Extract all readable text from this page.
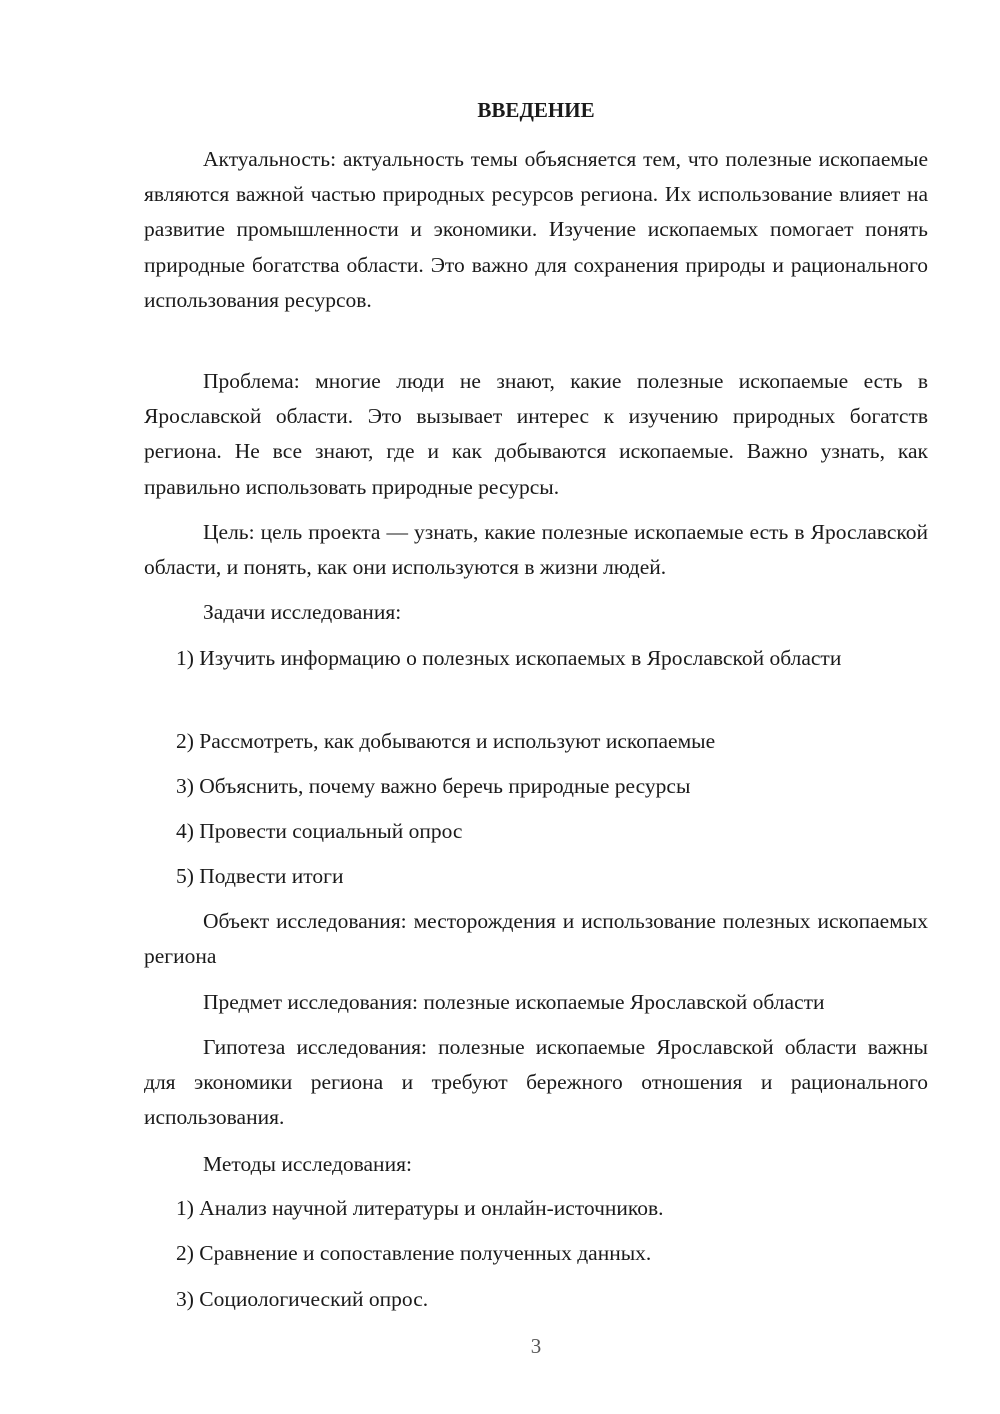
ВВЕДЕНИЕ

Актуальность: актуальность темы объясняется тем, что полезные ископаемые являются важной частью природных ресурсов региона. Их использование влияет на развитие промышленности и экономики. Изучение ископаемых помогает понять природные богатства области. Это важно для сохранения природы и рационального использования ресурсов.

Проблема: многие люди не знают, какие полезные ископаемые есть в Ярославской области. Это вызывает интерес к изучению природных богатств региона. Не все знают, где и как добываются ископаемые. Важно узнать, как правильно использовать природные ресурсы.

Цель: цель проекта — узнать, какие полезные ископаемые есть в Ярославской области, и понять, как они используются в жизни людей.

Задачи исследования:

1) Изучить информацию о полезных ископаемых в Ярославской области

2) Рассмотреть, как добываются и используют ископаемые

3) Объяснить, почему важно беречь природные ресурсы

4) Провести социальный опрос

5) Подвести итоги

Объект исследования: месторождения и использование полезных ископаемых региона

Предмет исследования: полезные ископаемые Ярославской области

Гипотеза исследования: полезные ископаемые Ярославской области важны для экономики региона и требуют бережного отношения и рационального использования.

Методы исследования:

1) Анализ научной литературы и онлайн-источников.

2) Сравнение и сопоставление полученных данных.

3) Социологический опрос.

3
